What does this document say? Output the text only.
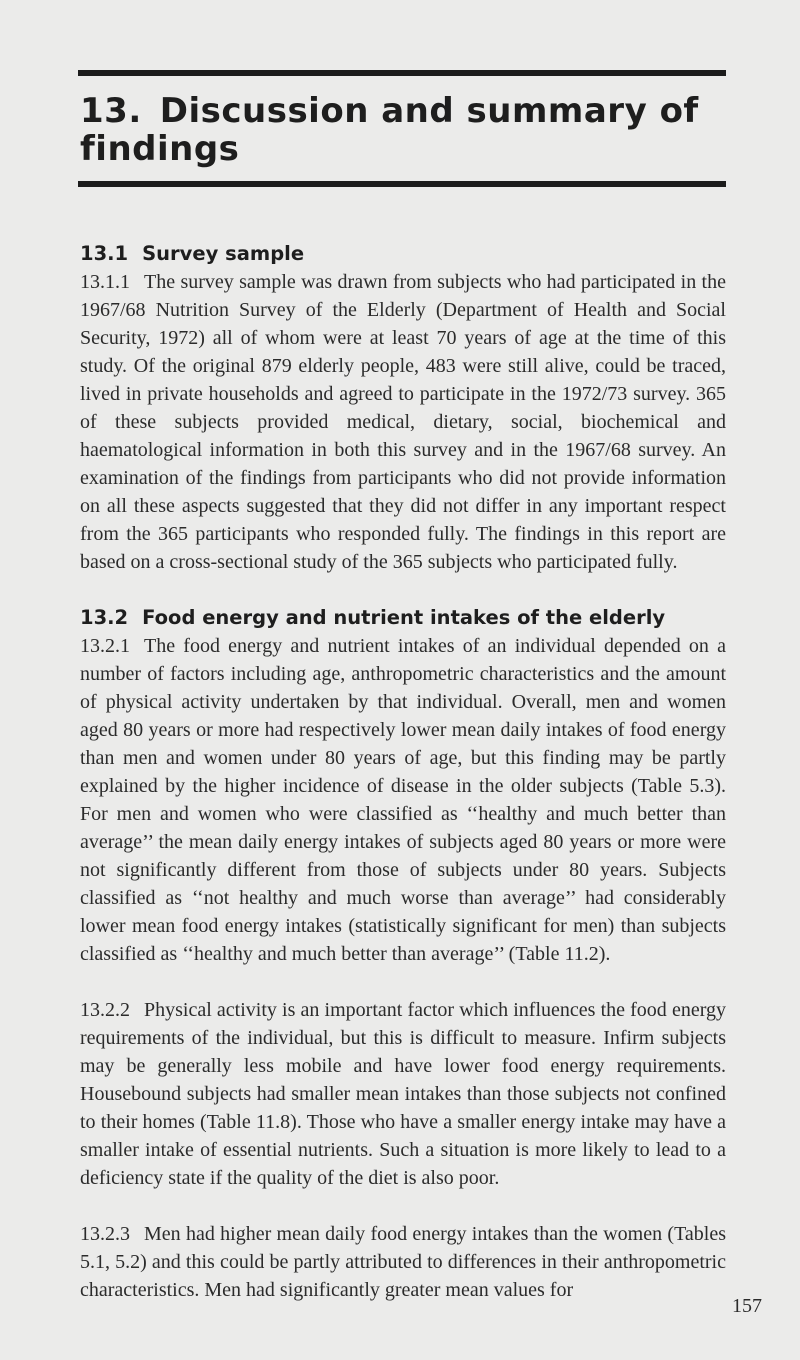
13. Discussion and summary of findings
13.1 Survey sample

13.1.1 The survey sample was drawn from subjects who had participated in the 1967/68 Nutrition Survey of the Elderly (Department of Health and Social Security, 1972) all of whom were at least 70 years of age at the time of this study. Of the original 879 elderly people, 483 were still alive, could be traced, lived in private households and agreed to participate in the 1972/73 survey. 365 of these subjects provided medical, dietary, social, biochemical and haematological information in both this survey and in the 1967/68 survey. An examination of the findings from participants who did not provide information on all these aspects suggested that they did not differ in any important respect from the 365 participants who responded fully. The findings in this report are based on a cross-sectional study of the 365 subjects who participated fully.

13.2 Food energy and nutrient intakes of the elderly

13.2.1 The food energy and nutrient intakes of an individual depended on a number of factors including age, anthropometric characteristics and the amount of physical activity undertaken by that individual. Overall, men and women aged 80 years or more had respectively lower mean daily intakes of food energy than men and women under 80 years of age, but this finding may be partly explained by the higher incidence of disease in the older subjects (Table 5.3). For men and women who were classified as ‘‘healthy and much better than average’’ the mean daily energy intakes of subjects aged 80 years or more were not significantly different from those of subjects under 80 years. Subjects classified as ‘‘not healthy and much worse than average’’ had considerably lower mean food energy intakes (statistically significant for men) than subjects classified as ‘‘healthy and much better than average’’ (Table 11.2).

13.2.2 Physical activity is an important factor which influences the food energy requirements of the individual, but this is difficult to measure. Infirm subjects may be generally less mobile and have lower food energy requirements. Housebound subjects had smaller mean intakes than those subjects not confined to their homes (Table 11.8). Those who have a smaller energy intake may have a smaller intake of essential nutrients. Such a situation is more likely to lead to a deficiency state if the quality of the diet is also poor.

13.2.3 Men had higher mean daily food energy intakes than the women (Tables 5.1, 5.2) and this could be partly attributed to differences in their anthropometric characteristics. Men had significantly greater mean values for

157
